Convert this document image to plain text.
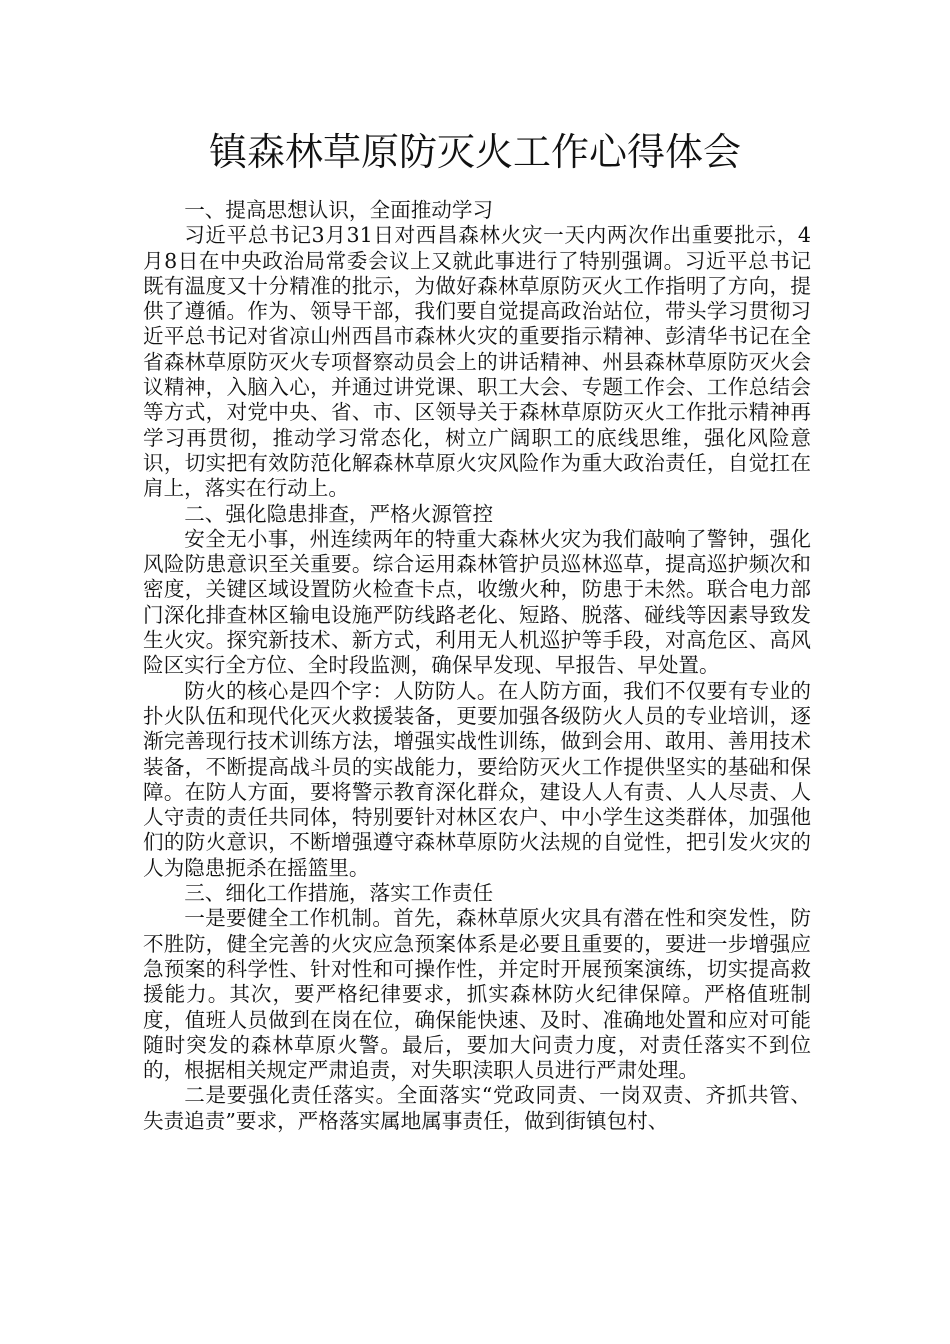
镇森林草原防灭火工作心得体会

一、提高思想认识，全面推动学习

习近平总书记3月31日对西昌森林火灾一天内两次作出重要批示，4月8日在中央政治局常委会议上又就此事进行了特别强调。习近平总书记既有温度又十分精准的批示，为做好森林草原防灭火工作指明了方向，提供了遵循。作为、领导干部，我们要自觉提高政治站位，带头学习贯彻习近平总书记对省凉山州西昌市森林火灾的重要指示精神、彭清华书记在全省森林草原防灭火专项督察动员会上的讲话精神、州县森林草原防灭火会议精神，入脑入心，并通过讲党课、职工大会、专题工作会、工作总结会等方式，对党中央、省、市、区领导关于森林草原防灭火工作批示精神再学习再贯彻，推动学习常态化，树立广阔职工的底线思维，强化风险意识，切实把有效防范化解森林草原火灾风险作为重大政治责任，自觉扛在肩上，落实在行动上。

二、强化隐患排查，严格火源管控

安全无小事，州连续两年的特重大森林火灾为我们敲响了警钟，强化风险防患意识至关重要。综合运用森林管护员巡林巡草，提高巡护频次和密度，关键区域设置防火检查卡点，收缴火种，防患于未然。联合电力部门深化排查林区输电设施严防线路老化、短路、脱落、碰线等因素导致发生火灾。探究新技术、新方式，利用无人机巡护等手段，对高危区、高风险区实行全方位、全时段监测，确保早发现、早报告、早处置。

防火的核心是四个字：人防防人。在人防方面，我们不仅要有专业的扑火队伍和现代化灭火救援装备，更要加强各级防火人员的专业培训，逐渐完善现行技术训练方法，增强实战性训练，做到会用、敢用、善用技术装备，不断提高战斗员的实战能力，要给防灭火工作提供坚实的基础和保障。在防人方面，要将警示教育深化群众，建设人人有责、人人尽责、人人守责的责任共同体，特别要针对林区农户、中小学生这类群体，加强他们的防火意识，不断增强遵守森林草原防火法规的自觉性，把引发火灾的人为隐患扼杀在摇篮里。

三、细化工作措施，落实工作责任

一是要健全工作机制。首先，森林草原火灾具有潜在性和突发性，防不胜防，健全完善的火灾应急预案体系是必要且重要的，要进一步增强应急预案的科学性、针对性和可操作性，并定时开展预案演练，切实提高救援能力。其次，要严格纪律要求，抓实森林防火纪律保障。严格值班制度，值班人员做到在岗在位，确保能快速、及时、准确地处置和应对可能随时突发的森林草原火警。最后，要加大问责力度，对责任落实不到位的，根据相关规定严肃追责，对失职渎职人员进行严肃处理。

二是要强化责任落实。全面落实“党政同责、一岗双责、齐抓共管、失责追责”要求，严格落实属地属事责任，做到街镇包村、
